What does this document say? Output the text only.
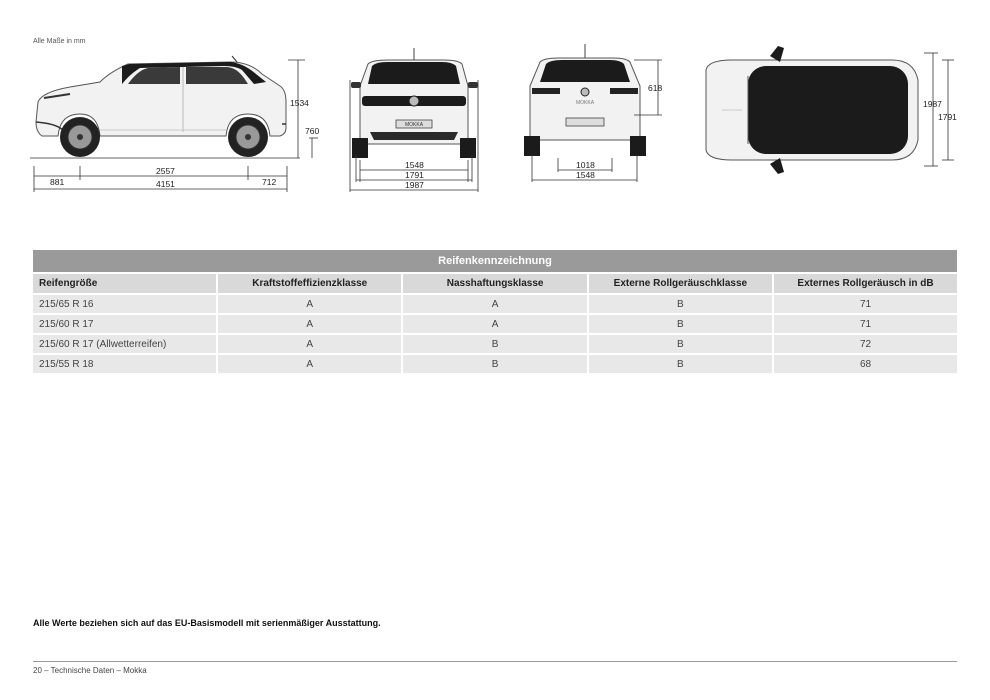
Alle Maße in mm
1534
760
881
2557
712
4151
MOKKA
1548
1791
1987
MOKKA
618
1018
1548
1987
1791
Reifenkennzeichnung				
Reifengröße	Kraftstoffeffizienzklasse	Nasshaftungsklasse	Externe Rollgeräuschklasse	Externes Rollgeräusch in dB
215/65 R 16	A	A	B	71
215/60 R 17	A	A	B	71
215/60 R 17 (Allwetterreifen)	A	B	B	72
215/55 R 18	A	B	B	68
Alle Werte beziehen sich auf das EU-Basismodell mit serienmäßiger Ausstattung.
20 – Technische Daten – Mokka
